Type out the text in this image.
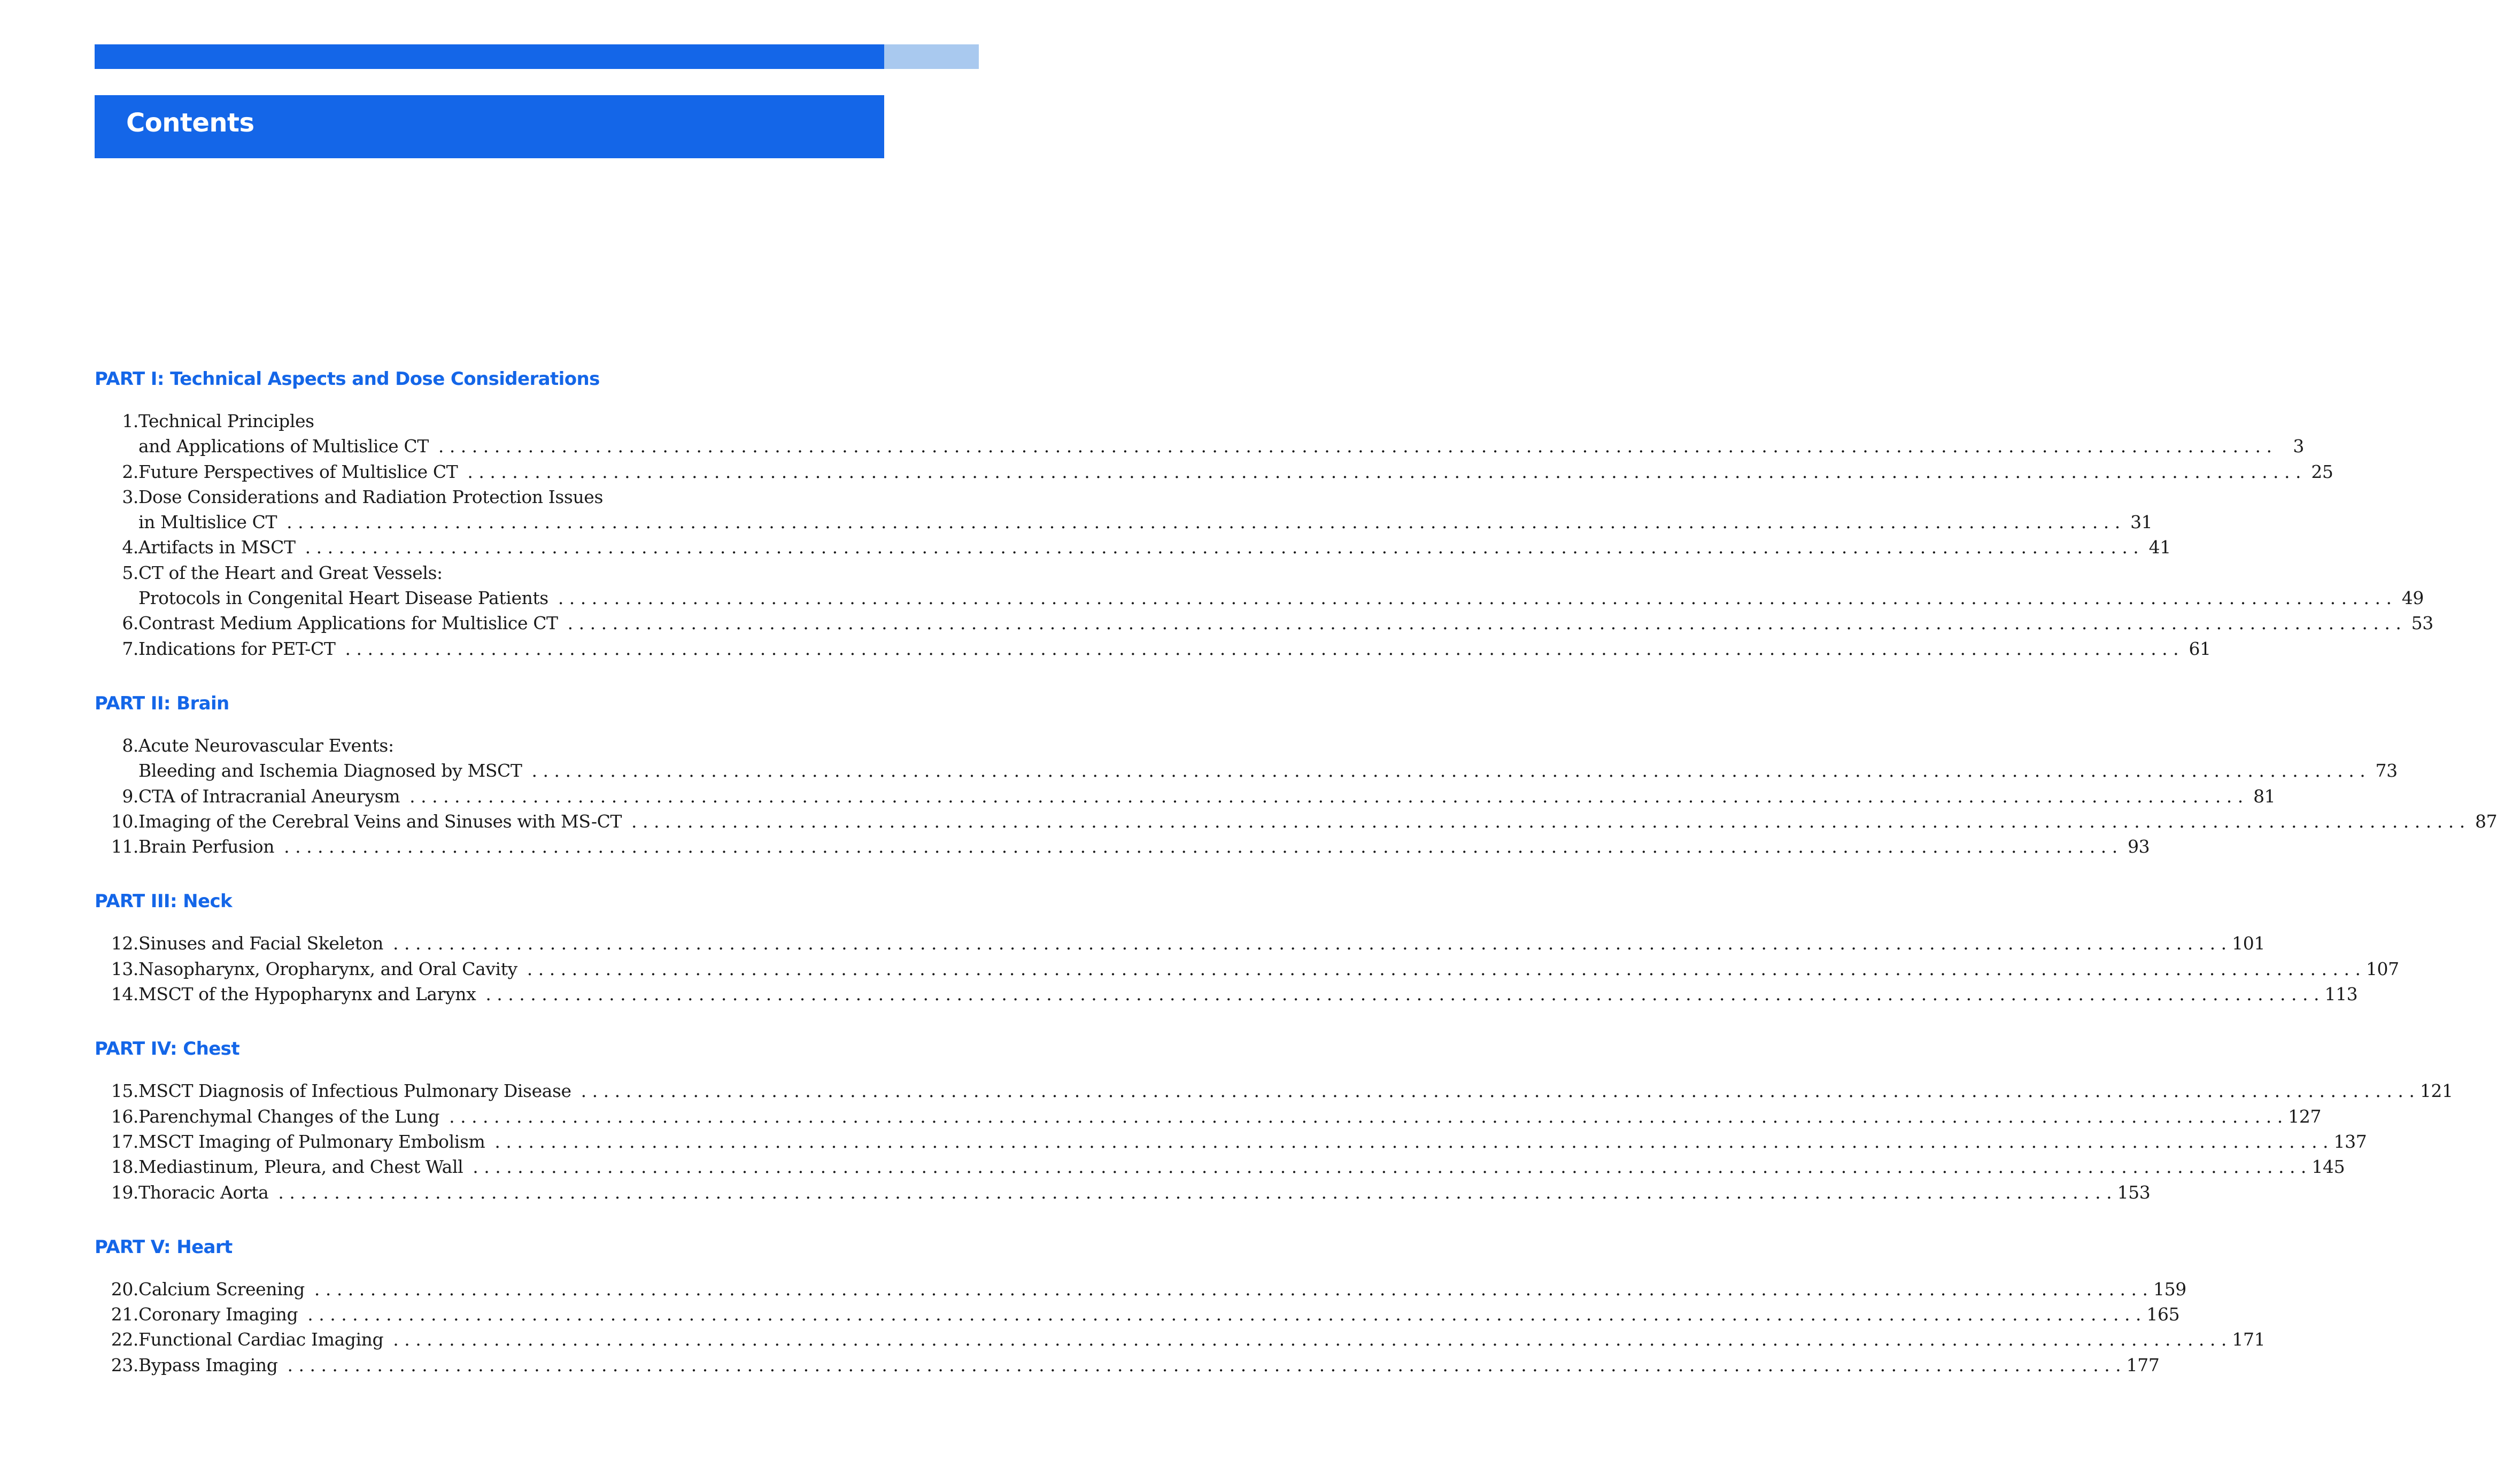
Contents
PART I: Technical Aspects and Dose Considerations
1. Technical Principles
and Applications of Multislice CT . . .	3
2. Future Perspectives of Multislice CT . . .	25
3. Dose Considerations and Radiation Protection Issues
in Multislice CT . . .	31
4. Artifacts in MSCT . . .	41
5. CT of the Heart and Great Vessels:
Protocols in Congenital Heart Disease Patients . . .	49
6. Contrast Medium Applications for Multislice CT . . .	53
7. Indications for PET-CT . . .	61
PART II: Brain
8. Acute Neurovascular Events:
Bleeding and Ischemia Diagnosed by MSCT . . .	73
9. CTA of Intracranial Aneurysm . . .	81
10. Imaging of the Cerebral Veins and Sinuses with MS-CT . . .	87
11. Brain Perfusion . . .	93
PART III: Neck
12. Sinuses and Facial Skeleton . . .	101
13. Nasopharynx, Oropharynx, and Oral Cavity . . .	107
14. MSCT of the Hypopharynx and Larynx . . .	113
PART IV: Chest
15. MSCT Diagnosis of Infectious Pulmonary Disease . . .	121
16. Parenchymal Changes of the Lung . . .	127
17. MSCT Imaging of Pulmonary Embolism . . .	137
18. Mediastinum, Pleura, and Chest Wall . . .	145
19. Thoracic Aorta . . .	153
PART V: Heart
20. Calcium Screening . . .	159
21. Coronary Imaging . . .	165
22. Functional Cardiac Imaging . . .	171
23. Bypass Imaging . . .	177
